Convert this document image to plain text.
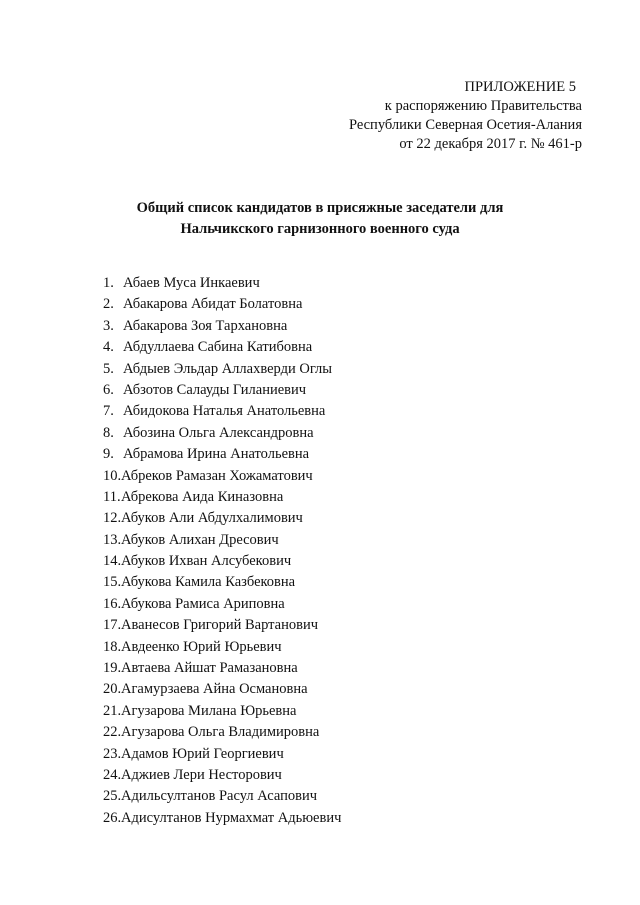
ПРИЛОЖЕНИЕ 5
к распоряжению Правительства
Республики Северная Осетия-Алания
от 22 декабря 2017 г. № 461-р
Общий список кандидатов в присяжные заседатели для
Нальчикского гарнизонного военного суда
1. Абаев Муса Инкаевич
2. Абакарова Абидат Болатовна
3. Абакарова Зоя Тархановна
4. Абдуллаева Сабина Катибовна
5. Абдыев Эльдар Аллахверди Оглы
6. Абзотов Салауды Гиланиевич
7. Абидокова Наталья Анатольевна
8. Абозина Ольга Александровна
9. Абрамова Ирина Анатольевна
10. Абреков Рамазан Хожаматович
11. Абрекова Аида Киназовна
12. Абуков Али Абдулхалимович
13. Абуков Алихан Дресович
14. Абуков Ихван Алсубекович
15. Абукова Камила Казбековна
16. Абукова Рамиса Ариповна
17. Аванесов Григорий Вартанович
18. Авдеенко Юрий Юрьевич
19. Автаева Айшат Рамазановна
20. Агамурзаева Айна Османовна
21. Агузарова Милана Юрьевна
22. Агузарова Ольга Владимировна
23. Адамов Юрий Георгиевич
24. Аджиев Лери Несторович
25. Адильсултанов Расул Асапович
26. Адисултанов Нурмахмат Адьюевич
